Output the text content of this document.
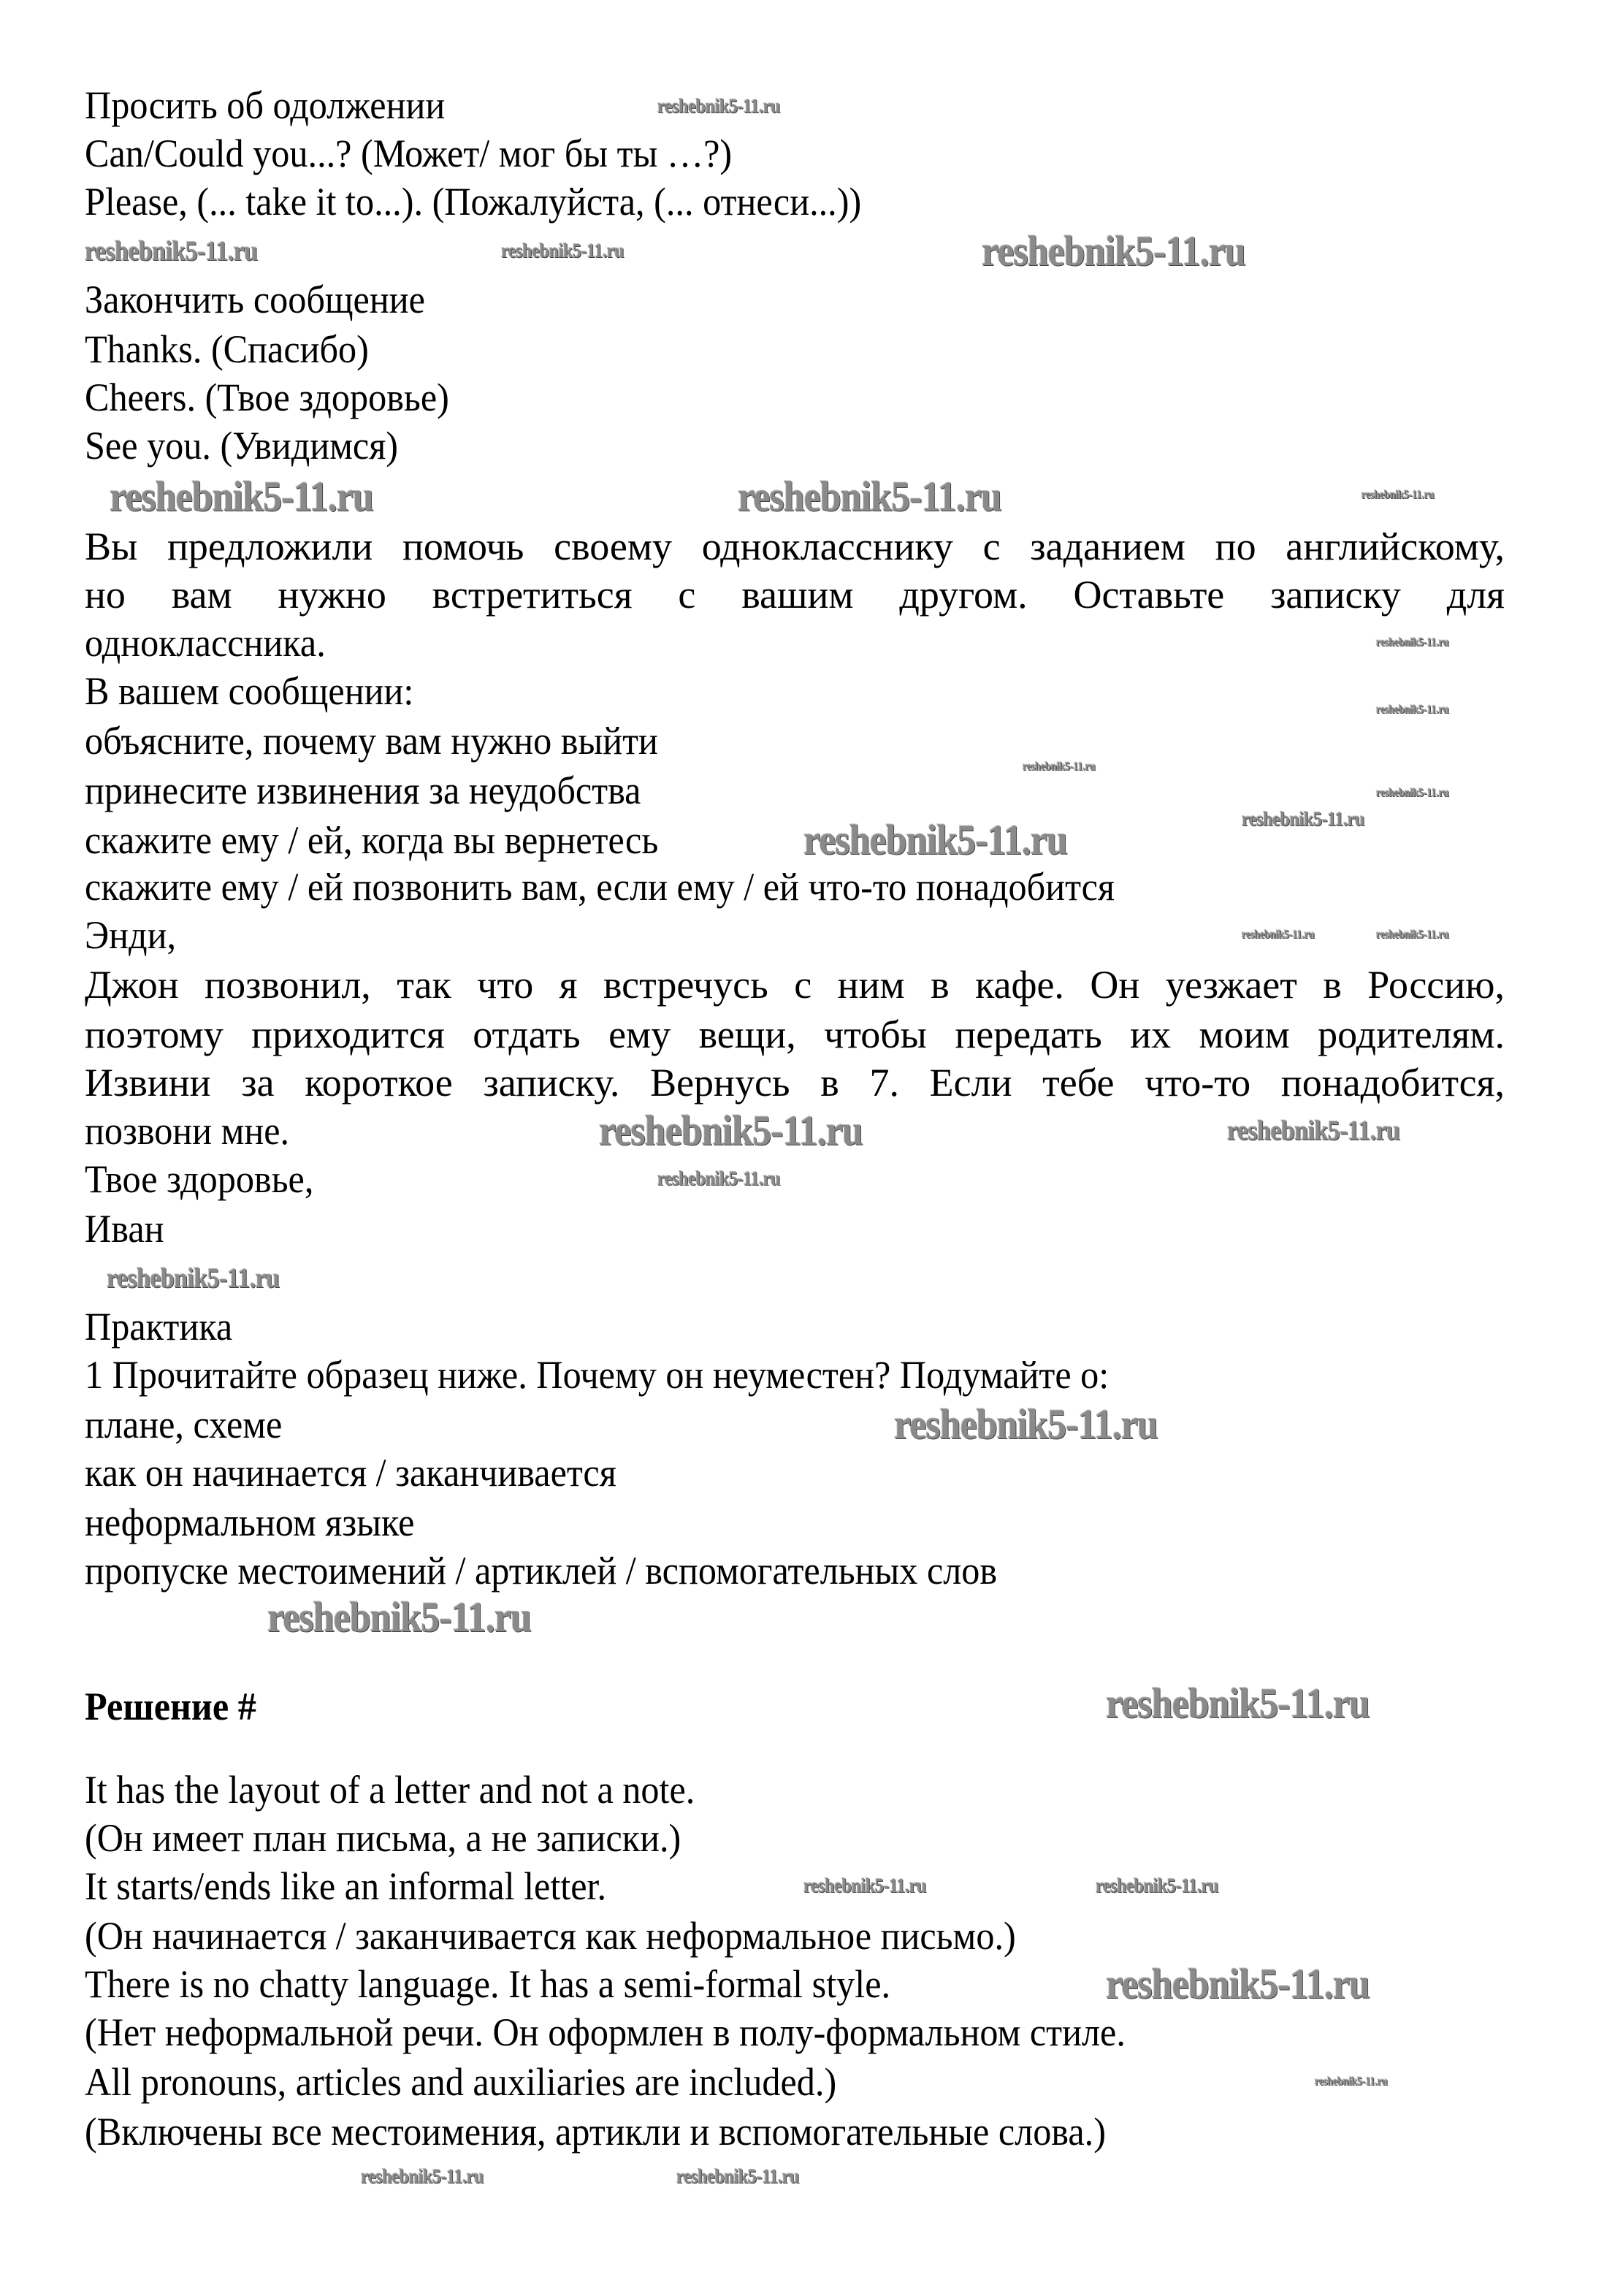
Просить об одолжении
Can/Could you...? (Может/ мог бы ты …?)
Please, (... take it to...). (Пожалуйста, (... отнеси...))
Закончить сообщение
Thanks. (Спасибо)
Cheers. (Твое здоровье)
See you. (Увидимся)
Вы предложили помочь своему однокласснику с заданием по английскому,
но вам нужно встретиться с вашим другом. Оставьте записку для
одноклассника.
В вашем сообщении:
объясните, почему вам нужно выйти
принесите извинения за неудобства
скажите ему / ей, когда вы вернетесь
скажите ему / ей позвонить вам, если ему / ей что-то понадобится
Энди,
Джон позвонил, так что я встречусь с ним в кафе. Он уезжает в Россию,
поэтому приходится отдать ему вещи, чтобы передать их моим родителям.
Извини за короткое записку. Вернусь в 7. Если тебе что-то понадобится,
позвони мне.
Твое здоровье,
Иван
Практика
1 Прочитайте образец ниже. Почему он неуместен? Подумайте о:
плане, схеме
как он начинается / заканчивается
неформальном языке
пропуске местоимений / артиклей / вспомогательных слов
Решение #
It has the layout of a letter and not a note.
(Он имеет план письма, а не записки.)
It starts/ends like an informal letter.
(Он начинается / заканчивается как неформальное письмо.)
There is no chatty language. It has a semi-formal style.
(Нет неформальной речи. Он оформлен в полу-формальном стиле.
All pronouns, articles and auxiliaries are included.)
(Включены все местоимения, артикли и вспомогательные слова.)
reshebnik5-11.ru
reshebnik5-11.ru	reshebnik5-11.ru	reshebnik5-11.ru
reshebnik5-11.ru
reshebnik5-11.ru	reshebnik5-11.ru
reshebnik5-11.ru
reshebnik5-11.ru
reshebnik5-11.ru
reshebnik5-11.ru
reshebnik5-11.ru
reshebnik5-11.ru
reshebnik5-11.ru
reshebnik5-11.ru
reshebnik5-11.ru
reshebnik5-11.ru	reshebnik5-11.ru
reshebnik5-11.ru
reshebnik5-11.ru
reshebnik5-11.ru
reshebnik5-11.ru
reshebnik5-11.ru	reshebnik5-11.ru
reshebnik5-11.ru
reshebnik5-11.ru
reshebnik5-11.ru	reshebnik5-11.ru
